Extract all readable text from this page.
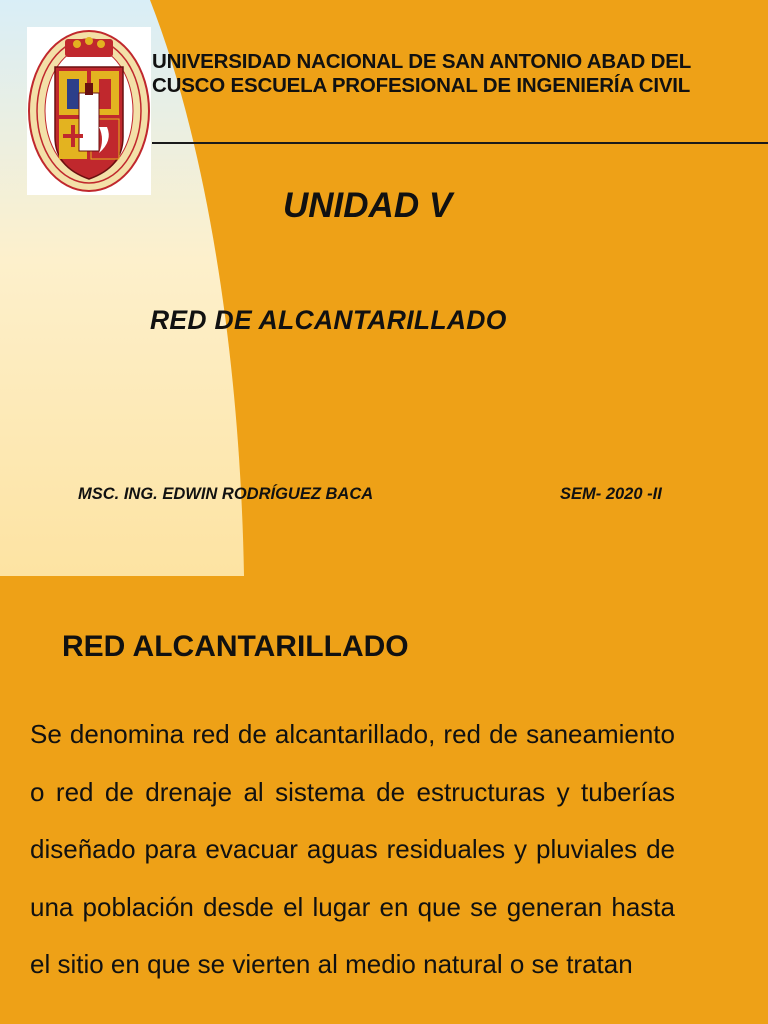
UNIVERSIDAD NACIONAL DE SAN ANTONIO ABAD DEL CUSCO ESCUELA PROFESIONAL DE INGENIERÍA CIVIL

UNIDAD V
RED DE ALCANTARILLADO
MSC. ING. EDWIN RODRÍGUEZ BACA	SEM- 2020 -II
RED ALCANTARILLADO

Se denomina red de alcantarillado, red de saneamiento o red de drenaje al sistema de estructuras y tuberías diseñado para evacuar aguas residuales y pluviales de una población desde el lugar en que se generan hasta el sitio en que se vierten al medio natural o se tratan
